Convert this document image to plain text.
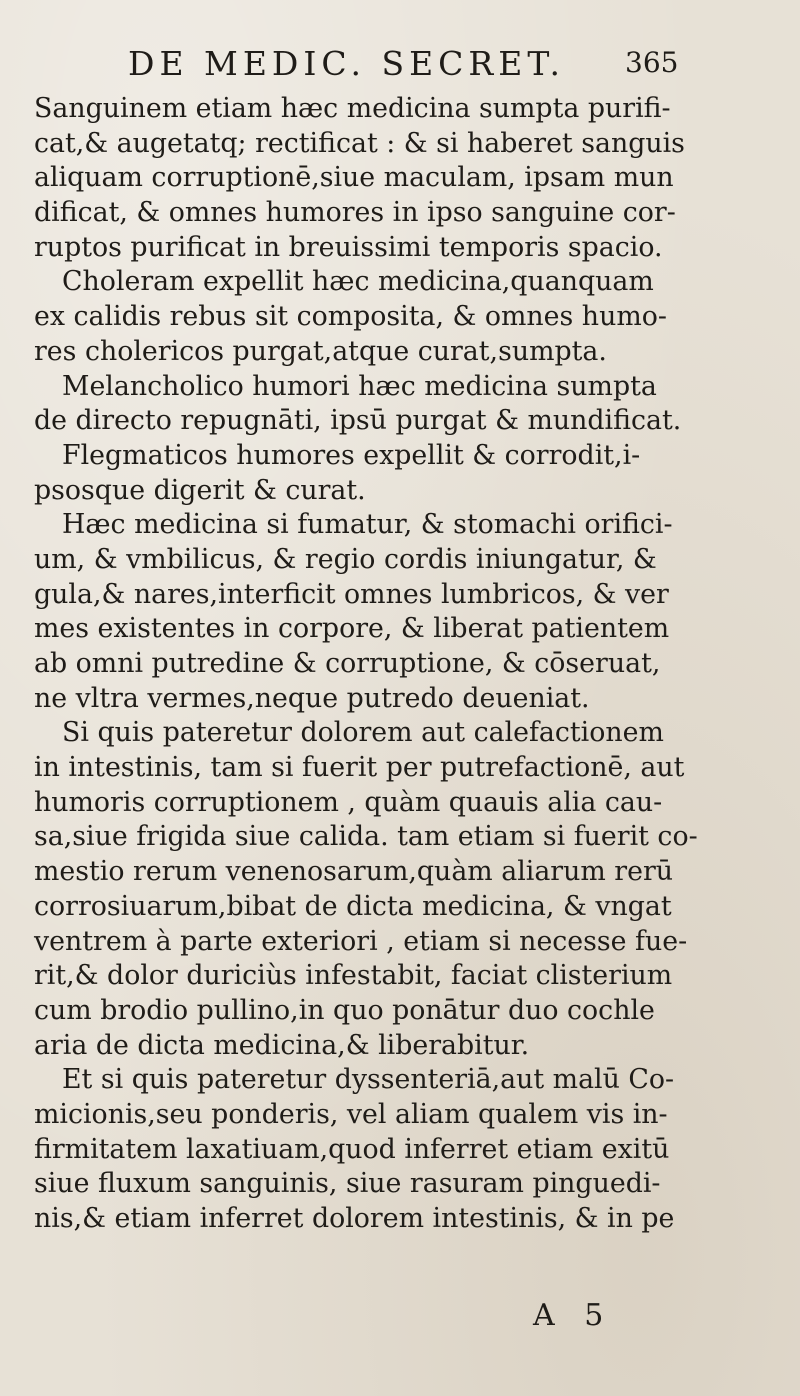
DE MEDIC. SECRET. 365
Sanguinem etiam hæc medicina sumpta purifi-
cat,& augetatq; rectificat : & si haberet sanguis
aliquam corruptionē,siue maculam, ipsam mun
dificat, & omnes humores in ipso sanguine cor-
ruptos purificat in breuissimi temporis spacio.
Choleram expellit hæc medicina,quanquam
ex calidis rebus sit composita, & omnes humo-
res cholericos purgat,atque curat,sumpta.
Melancholico humori hæc medicina sumpta
de directo repugnāti, ipsū purgat & mundificat.
Flegmaticos humores expellit & corrodit,i-
psosque digerit & curat.
Hæc medicina si fumatur, & stomachi orifici-
um, & vmbilicus, & regio cordis iniungatur, &
gula,& nares,interficit omnes lumbricos, & ver
mes existentes in corpore, & liberat patientem
ab omni putredine & corruptione, & cōseruat,
ne vltra vermes,neque putredo deueniat.
Si quis pateretur dolorem aut calefactionem
in intestinis, tam si fuerit per putrefactionē, aut
humoris corruptionem , quàm quauis alia cau-
sa,siue frigida siue calida. tam etiam si fuerit co-
mestio rerum venenosarum,quàm aliarum rerū
corrosiuarum,bibat de dicta medicina, & vngat
ventrem à parte exteriori , etiam si necesse fue-
rit,& dolor duriciùs infestabit, faciat clisterium
cum brodio pullino,in quo ponātur duo cochle
aria de dicta medicina,& liberabitur.
Et si quis pateretur dyssenteriā,aut malū Co-
micionis,seu ponderis, vel aliam qualem vis in-
firmitatem laxatiuam,quod inferret etiam exitū
siue fluxum sanguinis, siue rasuram pinguedi-
nis,& etiam inferret dolorem intestinis, & in pe
A 5
